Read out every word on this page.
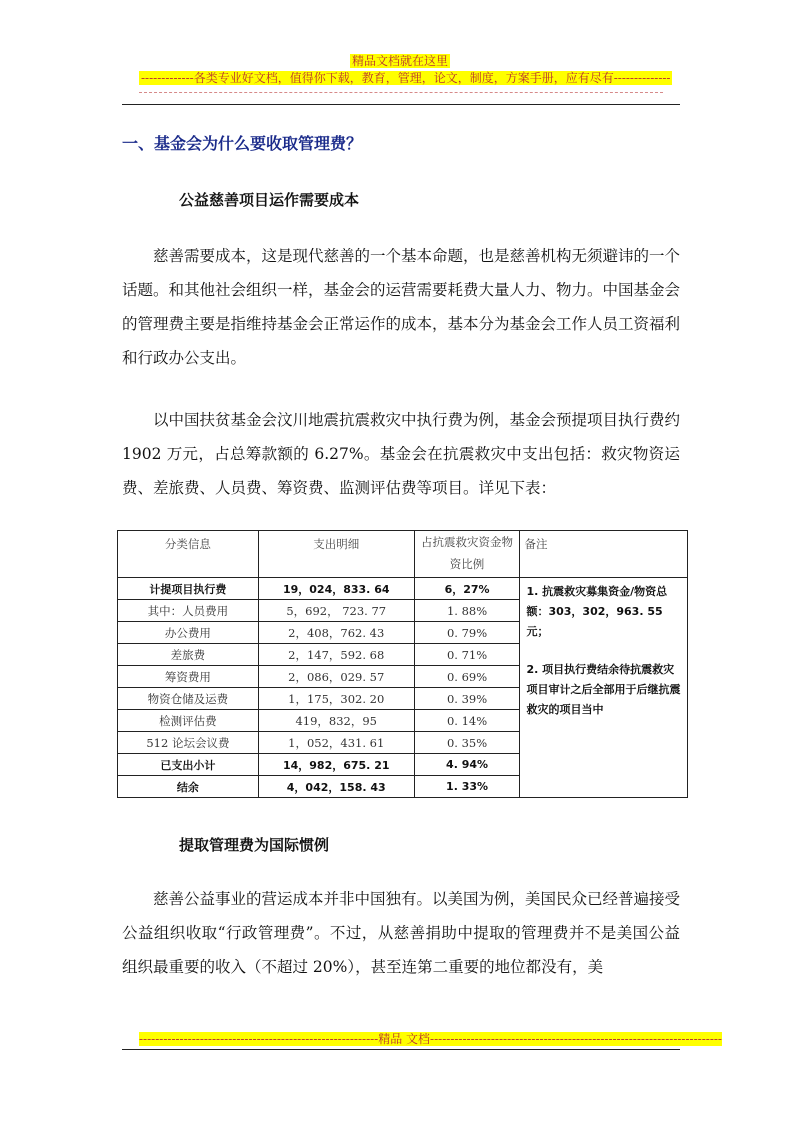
精品文档就在这里
-------------各类专业好文档，值得你下载，教育，管理，论文，制度，方案手册，应有尽有--------------
一、基金会为什么要收取管理费？
公益慈善项目运作需要成本

慈善需要成本，这是现代慈善的一个基本命题，也是慈善机构无须避讳的一个话题。和其他社会组织一样，基金会的运营需要耗费大量人力、物力。中国基金会的管理费主要是指维持基金会正常运作的成本，基本分为基金会工作人员工资福利和行政办公支出。

以中国扶贫基金会汶川地震抗震救灾中执行费为例，基金会预提项目执行费约 1902 万元，占总筹款额的 6.27%。基金会在抗震救灾中支出包括：救灾物资运费、差旅费、人员费、筹资费、监测评估费等项目。详见下表：

分类信息	支出明细	占抗震救灾资金物资比例	备注
计提项目执行费	19，024，833. 64	6，27%	1. 抗震救灾募集资金/物资总额：303，302，963. 55 元；

2. 项目执行费结余待抗震救灾项目审计之后全部用于后继抗震救灾的项目当中

其中：人员费用	5，692， 723. 77	1. 88%	
办公费用	2，408，762. 43	0. 79%	
差旅费	2，147，592. 68	0. 71%	
筹资费用	2，086，029. 57	0. 69%	
物资仓储及运费	1，175，302. 20	0. 39%	
检测评估费	419，832，95	0. 14%	
512 论坛会议费	1，052，431. 61	0. 35%	
已支出小计	14，982，675. 21	4. 94%	
结余	4，042，158. 43	1. 33%	
提取管理费为国际惯例

慈善公益事业的营运成本并非中国独有。以美国为例，美国民众已经普遍接受公益组织收取“行政管理费”。不过，从慈善捐助中提取的管理费并不是美国公益组织最重要的收入（不超过 20%），甚至连第二重要的地位都没有，美

-----------------------------------------------------------精品 文档------------------------------------------------------------------------
